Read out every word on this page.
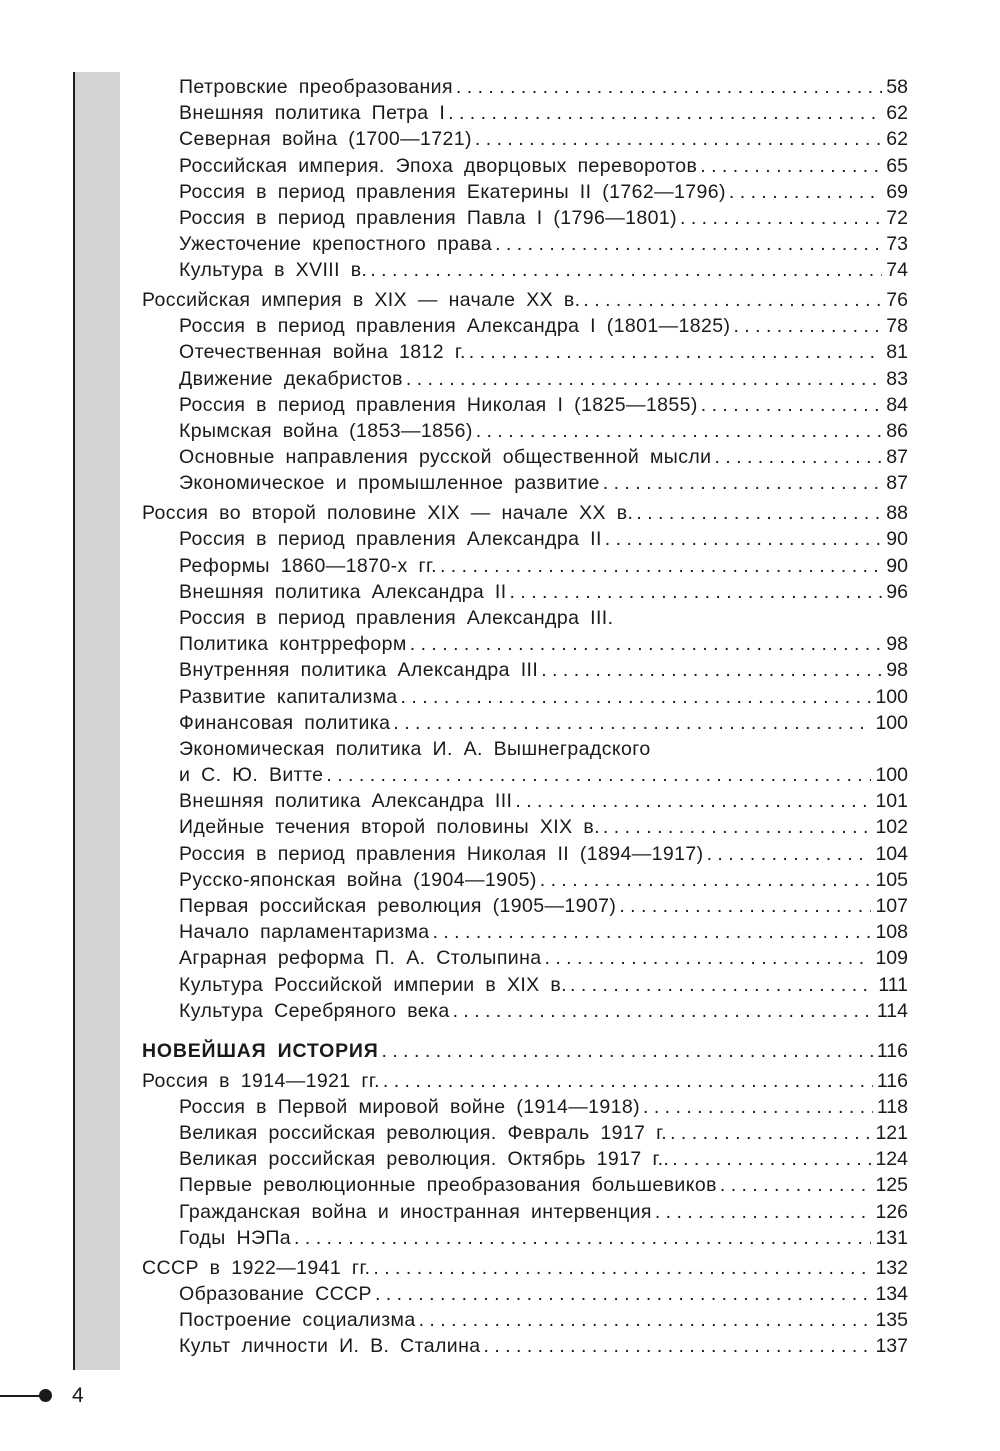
Петровские преобразования . . .	58
Внешняя политика Петра I . . .	62
Северная война (1700—1721) . . .	62
Российская империя. Эпоха дворцовых переворотов . . .	65
Россия в период правления Екатерины II (1762—1796) . . .	69
Россия в период правления Павла I (1796—1801) . . .	72
Ужесточение крепостного права . . .	73
Культура в XVIII в. . . .	74
Российская империя в XIX — начале XX в. . . .	76
Россия в период правления Александра I (1801—1825) . . .	78
Отечественная война 1812 г. . . .	81
Движение декабристов . . .	83
Россия в период правления Николая I (1825—1855) . . .	84
Крымская война (1853—1856) . . .	86
Основные направления русской общественной мысли . . .	87
Экономическое и промышленное развитие . . .	87
Россия во второй половине XIX — начале XX в. . . .	88
Россия в период правления Александра II . . .	90
Реформы 1860—1870-х гг. . . .	90
Внешняя политика Александра II . . .	96
Россия в период правления Александра III.
Политика контрреформ . . .	98
Внутренняя политика Александра III . . .	98
Развитие капитализма . . .	100
Финансовая политика . . .	100
Экономическая политика И. А. Вышнеградского
и С. Ю. Витте . . .	100
Внешняя политика Александра III . . .	101
Идейные течения второй половины XIX в. . . .	102
Россия в период правления Николая II (1894—1917) . . .	104
Русско-японская война (1904—1905) . . .	105
Первая российская революция (1905—1907) . . .	107
Начало парламентаризма . . .	108
Аграрная реформа П. А. Столыпина . . .	109
Культура Российской империи в XIX в. . . .	111
Культура Серебряного века . . .	114
НОВЕЙШАЯ ИСТОРИЯ . . .	116
Россия в 1914—1921 гг. . . .	116
Россия в Первой мировой войне (1914—1918) . . .	118
Великая российская революция. Февраль 1917 г. . . .	121
Великая российская революция. Октябрь 1917 г.. . . .	124
Первые революционные преобразования большевиков . . .	125
Гражданская война и иностранная интервенция . . .	126
Годы НЭПа . . .	131
СССР в 1922—1941 гг. . . .	132
Образование СССР . . .	134
Построение социализма . . .	135
Культ личности И. В. Сталина . . .	137
4
